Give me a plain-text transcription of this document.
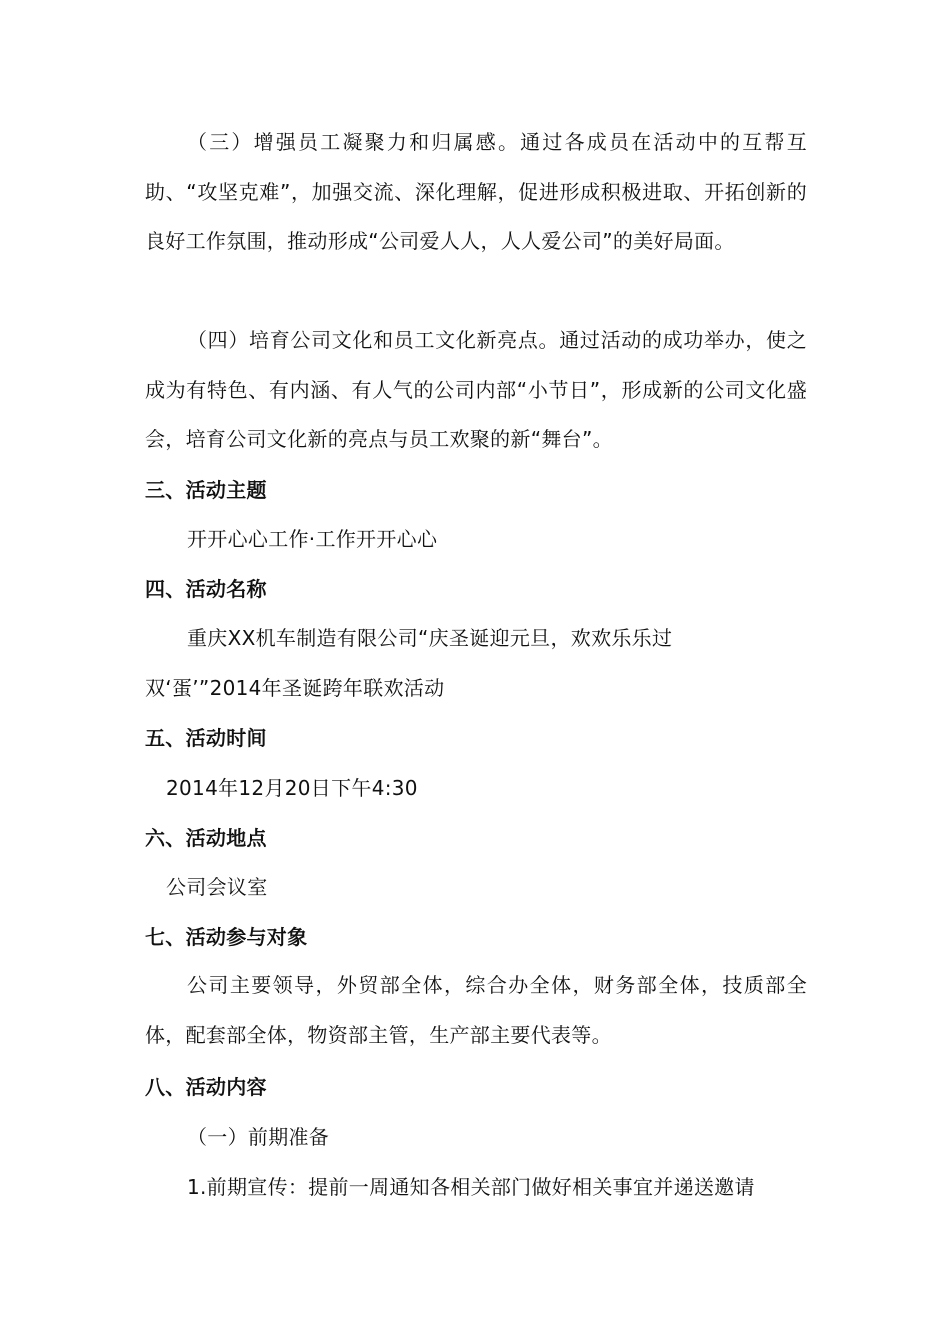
（三）增强员工凝聚力和归属感。通过各成员在活动中的互帮互助、“攻坚克难”，加强交流、深化理解，促进形成积极进取、开拓创新的良好工作氛围，推动形成“公司爱人人，人人爱公司”的美好局面。
（四）培育公司文化和员工文化新亮点。通过活动的成功举办，使之成为有特色、有内涵、有人气的公司内部“小节日”，形成新的公司文化盛会，培育公司文化新的亮点与员工欢聚的新“舞台”。
三、活动主题
开开心心工作·工作开开心心
四、活动名称
重庆XX机车制造有限公司“庆圣诞迎元旦，欢欢乐乐过
双‘蛋’”2014年圣诞跨年联欢活动
五、活动时间
2014年12月20日下午4:30
六、活动地点
公司会议室
七、活动参与对象
公司主要领导，外贸部全体，综合办全体，财务部全体，技质部全体，配套部全体，物资部主管，生产部主要代表等。
八、活动内容
（一）前期准备
1.前期宣传：提前一周通知各相关部门做好相关事宜并递送邀请
